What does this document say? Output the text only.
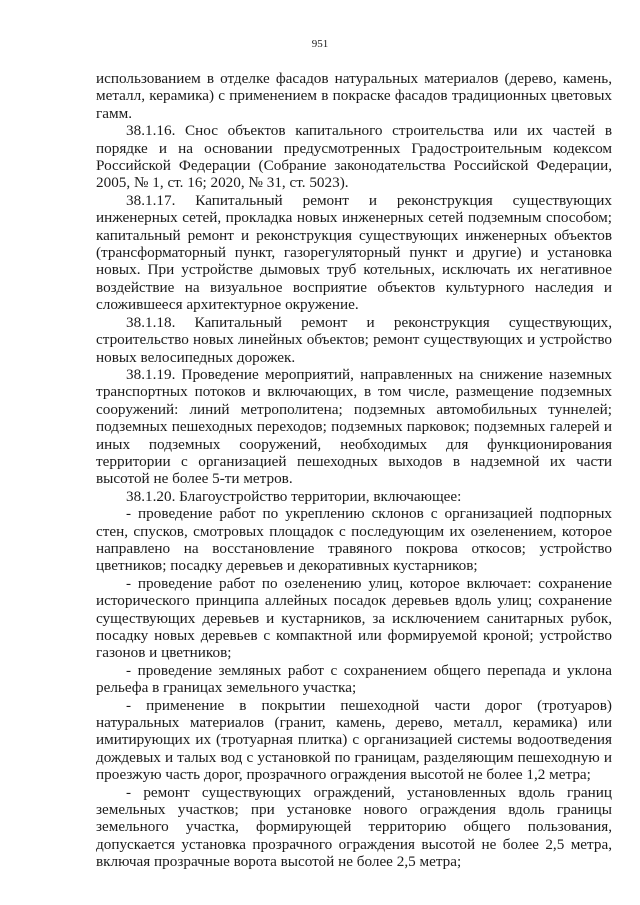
951

использованием в отделке фасадов натуральных материалов (дерево, камень, металл, керамика) с применением в покраске фасадов традиционных цветовых гамм.

38.1.16. Снос объектов капитального строительства или их частей в порядке и на основании предусмотренных Градостроительным кодексом Российской Федерации (Собрание законодательства Российской Федерации, 2005, № 1, ст. 16; 2020, № 31, ст. 5023).

38.1.17. Капитальный ремонт и реконструкция существующих инженерных сетей, прокладка новых инженерных сетей подземным способом; капитальный ремонт и реконструкция существующих инженерных объектов (трансформаторный пункт, газорегуляторный пункт и другие) и установка новых. При устройстве дымовых труб котельных, исключать их негативное воздействие на визуальное восприятие объектов культурного наследия и сложившееся архитектурное окружение.

38.1.18. Капитальный ремонт и реконструкция существующих, строительство новых линейных объектов; ремонт существующих и устройство новых велосипедных дорожек.

38.1.19. Проведение мероприятий, направленных на снижение наземных транспортных потоков и включающих, в том числе, размещение подземных сооружений: линий метрополитена; подземных автомобильных туннелей; подземных пешеходных переходов; подземных парковок; подземных галерей и иных подземных сооружений, необходимых для функционирования территории с организацией пешеходных выходов в надземной их части высотой не более 5-ти метров.

38.1.20. Благоустройство территории, включающее:

- проведение работ по укреплению склонов с организацией подпорных стен, спусков, смотровых площадок с последующим их озеленением, которое направлено на восстановление травяного покрова откосов; устройство цветников; посадку деревьев и декоративных кустарников;

- проведение работ по озеленению улиц, которое включает: сохранение исторического принципа аллейных посадок деревьев вдоль улиц; сохранение существующих деревьев и кустарников, за исключением санитарных рубок, посадку новых деревьев с компактной или формируемой кроной; устройство газонов и цветников;

- проведение земляных работ с сохранением общего перепада и уклона рельефа в границах земельного участка;

- применение в покрытии пешеходной части дорог (тротуаров) натуральных материалов (гранит, камень, дерево, металл, керамика) или имитирующих их (тротуарная плитка) с организацией системы водоотведения дождевых и талых вод с установкой по границам, разделяющим пешеходную и проезжую часть дорог, прозрачного ограждения высотой не более 1,2 метра;

- ремонт существующих ограждений, установленных вдоль границ земельных участков; при установке нового ограждения вдоль границы земельного участка, формирующей территорию общего пользования, допускается установка прозрачного ограждения высотой не более 2,5 метра, включая прозрачные ворота высотой не более 2,5 метра;
